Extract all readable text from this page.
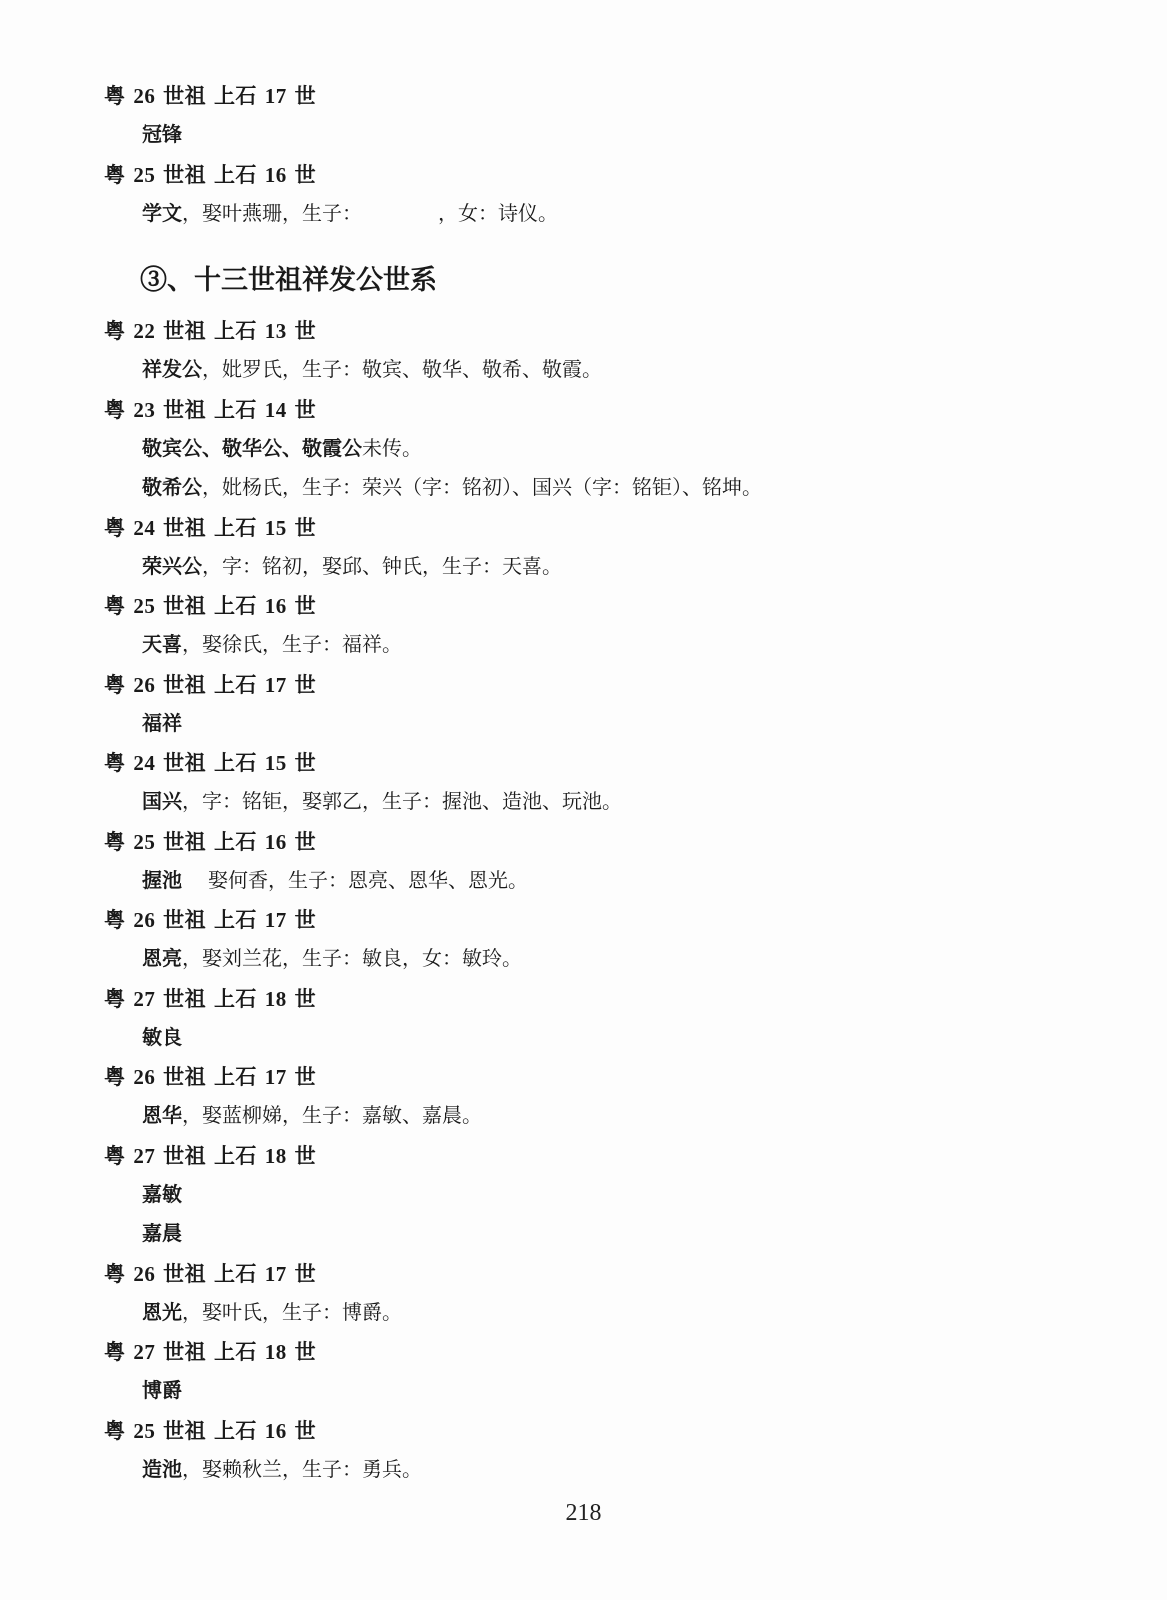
粤 26 世祖 上石 17 世
冠锋
粤 25 世祖 上石 16 世
学文，娶叶燕珊，生子：	，女：诗仪。
③、十三世祖祥发公世系
粤 22 世祖 上石 13 世
祥发公，妣罗氏，生子：敬宾、敬华、敬希、敬霞。
粤 23 世祖 上石 14 世
敬宾公、敬华公、敬霞公未传。
敬希公，妣杨氏，生子：荣兴（字：铭初）、国兴（字：铭钜）、铭坤。
粤 24 世祖 上石 15 世
荣兴公，字：铭初，娶邱、钟氏，生子：天喜。
粤 25 世祖 上石 16 世
天喜，娶徐氏，生子：福祥。
粤 26 世祖 上石 17 世
福祥
粤 24 世祖 上石 15 世
国兴，字：铭钜，娶郭乙，生子：握池、造池、玩池。
粤 25 世祖 上石 16 世
握池 娶何香，生子：恩亮、恩华、恩光。
粤 26 世祖 上石 17 世
恩亮，娶刘兰花，生子：敏良，女：敏玲。
粤 27 世祖 上石 18 世
敏良
粤 26 世祖 上石 17 世
恩华，娶蓝柳娣，生子：嘉敏、嘉晨。
粤 27 世祖 上石 18 世
嘉敏
嘉晨
粤 26 世祖 上石 17 世
恩光，娶叶氏，生子：博爵。
粤 27 世祖 上石 18 世
博爵
粤 25 世祖 上石 16 世
造池，娶赖秋兰，生子：勇兵。
218
